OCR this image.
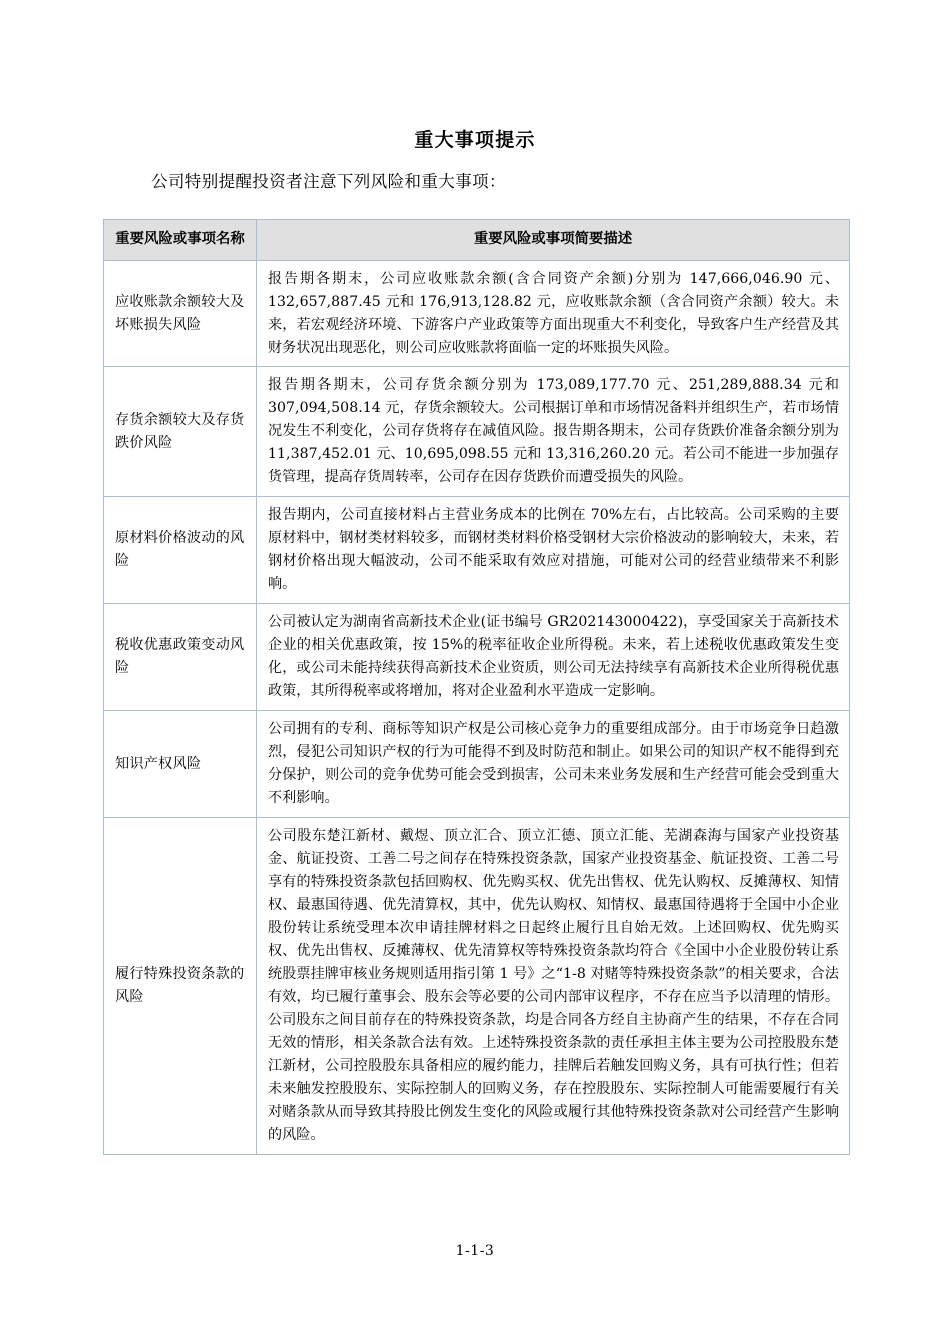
重大事项提示

公司特别提醒投资者注意下列风险和重大事项：

重要风险或事项名称	重要风险或事项简要描述
应收账款余额较大及坏账损失风险	报告期各期末，公司应收账款余额(含合同资产余额)分别为 147,666,046.90 元、132,657,887.45 元和 176,913,128.82 元，应收账款余额（含合同资产余额）较大。未来，若宏观经济环境、下游客户产业政策等方面出现重大不利变化，导致客户生产经营及其财务状况出现恶化，则公司应收账款将面临一定的坏账损失风险。
存货余额较大及存货跌价风险	报告期各期末，公司存货余额分别为 173,089,177.70 元、251,289,888.34 元和 307,094,508.14 元，存货余额较大。公司根据订单和市场情况备料并组织生产，若市场情况发生不利变化，公司存货将存在减值风险。报告期各期末，公司存货跌价准备余额分别为 11,387,452.01 元、10,695,098.55 元和 13,316,260.20 元。若公司不能进一步加强存货管理，提高存货周转率，公司存在因存货跌价而遭受损失的风险。
原材料价格波动的风险	报告期内，公司直接材料占主营业务成本的比例在 70%左右，占比较高。公司采购的主要原材料中，钢材类材料较多，而钢材类材料价格受钢材大宗价格波动的影响较大，未来，若钢材价格出现大幅波动，公司不能采取有效应对措施，可能对公司的经营业绩带来不利影响。
税收优惠政策变动风险	公司被认定为湖南省高新技术企业(证书编号 GR202143000422)，享受国家关于高新技术企业的相关优惠政策，按 15%的税率征收企业所得税。未来，若上述税收优惠政策发生变化，或公司未能持续获得高新技术企业资质，则公司无法持续享有高新技术企业所得税优惠政策，其所得税率或将增加，将对企业盈利水平造成一定影响。
知识产权风险	公司拥有的专利、商标等知识产权是公司核心竞争力的重要组成部分。由于市场竞争日趋激烈，侵犯公司知识产权的行为可能得不到及时防范和制止。如果公司的知识产权不能得到充分保护，则公司的竞争优势可能会受到损害，公司未来业务发展和生产经营可能会受到重大不利影响。
履行特殊投资条款的风险	公司股东楚江新材、戴煜、顶立汇合、顶立汇德、顶立汇能、芜湖森海与国家产业投资基金、航证投资、工善二号之间存在特殊投资条款，国家产业投资基金、航证投资、工善二号享有的特殊投资条款包括回购权、优先购买权、优先出售权、优先认购权、反摊薄权、知情权、最惠国待遇、优先清算权，其中，优先认购权、知情权、最惠国待遇将于全国中小企业股份转让系统受理本次申请挂牌材料之日起终止履行且自始无效。上述回购权、优先购买权、优先出售权、反摊薄权、优先清算权等特殊投资条款均符合《全国中小企业股份转让系统股票挂牌审核业务规则适用指引第 1 号》之“1-8 对赌等特殊投资条款”的相关要求，合法有效，均已履行董事会、股东会等必要的公司内部审议程序，不存在应当予以清理的情形。公司股东之间目前存在的特殊投资条款，均是合同各方经自主协商产生的结果，不存在合同无效的情形，相关条款合法有效。上述特殊投资条款的责任承担主体主要为公司控股股东楚江新材，公司控股股东具备相应的履约能力，挂牌后若触发回购义务，具有可执行性；但若未来触发控股股东、实际控制人的回购义务，存在控股股东、实际控制人可能需要履行有关对赌条款从而导致其持股比例发生变化的风险或履行其他特殊投资条款对公司经营产生影响的风险。
1-1-3
